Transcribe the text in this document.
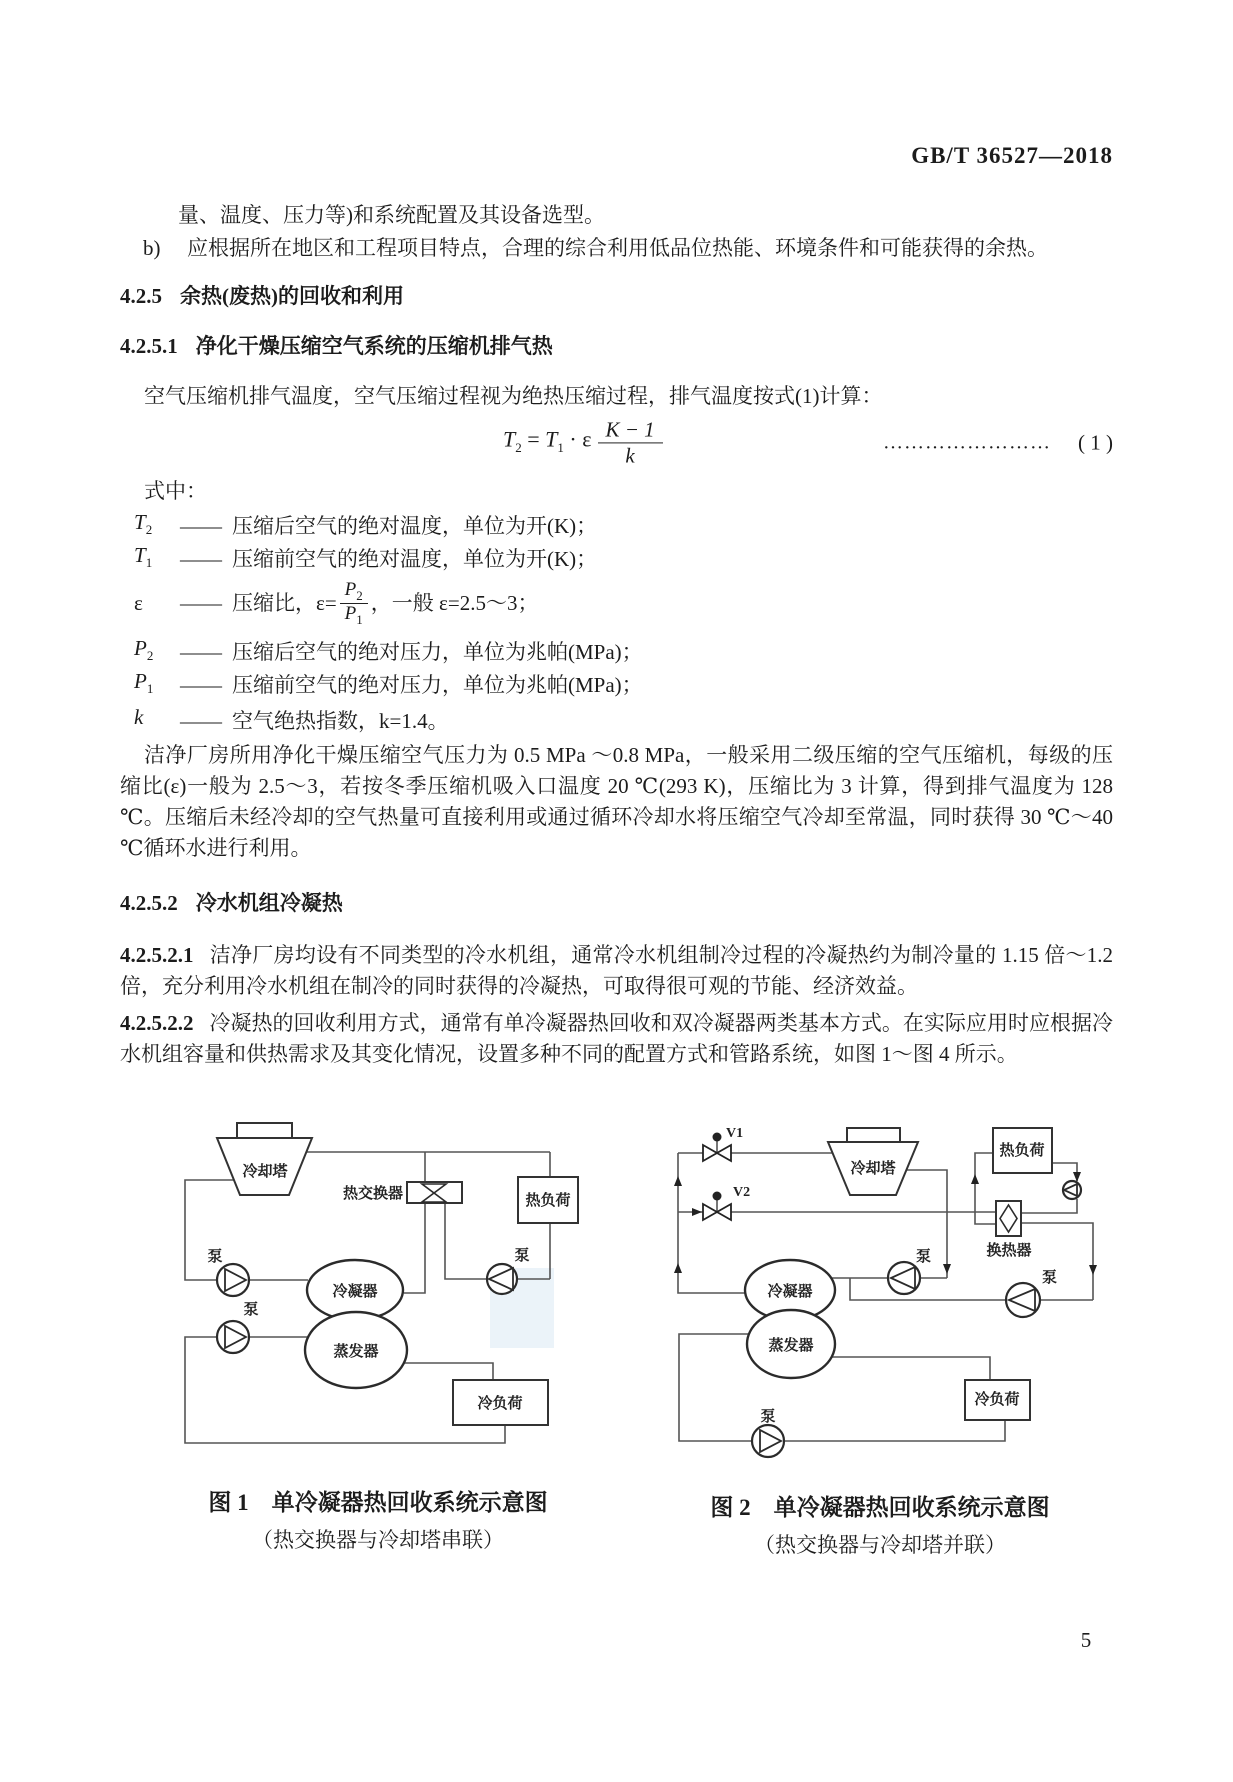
GB/T 36527—2018
量、温度、压力等)和系统配置及其设备选型。
b)	应根据所在地区和工程项目特点，合理的综合利用低品位热能、环境条件和可能获得的余热。
4.2.5 余热(废热)的回收和利用
4.2.5.1 净化干燥压缩空气系统的压缩机排气热
空气压缩机排气温度，空气压缩过程视为绝热压缩过程，排气温度按式(1)计算：
$T_2 = T_1 \cdot \varepsilon \frac{K - 1}{k}$	…………………… ( 1 )
式中：
$T_2$	—— 压缩后空气的绝对温度，单位为开(K)；
$T_1$	—— 压缩前空气的绝对温度，单位为开(K)；
ε	—— 压缩比，$\varepsilon= \frac{P_2}{P_1}$ ，一般 ε=2.5～3；
$P_2$	—— 压缩后空气的绝对压力，单位为兆帕(MPa)；
$P_1$	—— 压缩前空气的绝对压力，单位为兆帕(MPa)；
k	—— 空气绝热指数，k=1.4。
洁净厂房所用净化干燥压缩空气压力为 0.5 MPa ～0.8 MPa，一般采用二级压缩的空气压缩机，每级的压缩比(ε)一般为 2.5～3，若按冬季压缩机吸入口温度 20 ℃(293 K)，压缩比为 3 计算，得到排气温度为 128 ℃。压缩后未经冷却的空气热量可直接利用或通过循环冷却水将压缩空气冷却至常温，同时获得 30 ℃～40 ℃循环水进行利用。
4.2.5.2 冷水机组冷凝热
4.2.5.2.1 洁净厂房均设有不同类型的冷水机组，通常冷水机组制冷过程的冷凝热约为制冷量的 1.15 倍～1.2 倍，充分利用冷水机组在制冷的同时获得的冷凝热，可取得很可观的节能、经济效益。
4.2.5.2.2 冷凝热的回收利用方式，通常有单冷凝器热回收和双冷凝器两类基本方式。在实际应用时应根据冷水机组容量和供热需求及其变化情况，设置多种不同的配置方式和管路系统，如图 1～图 4 所示。
冷却塔
热交换器	热负荷
冷凝器
蒸发器
冷负荷
泵
泵
泵
V1
V2
冷却塔
热负荷
换热器
冷凝器
蒸发器
冷负荷
泵
泵
泵
图 1　单冷凝器热回收系统示意图
（热交换器与冷却塔串联）
图 2　单冷凝器热回收系统示意图
（热交换器与冷却塔并联）
5
